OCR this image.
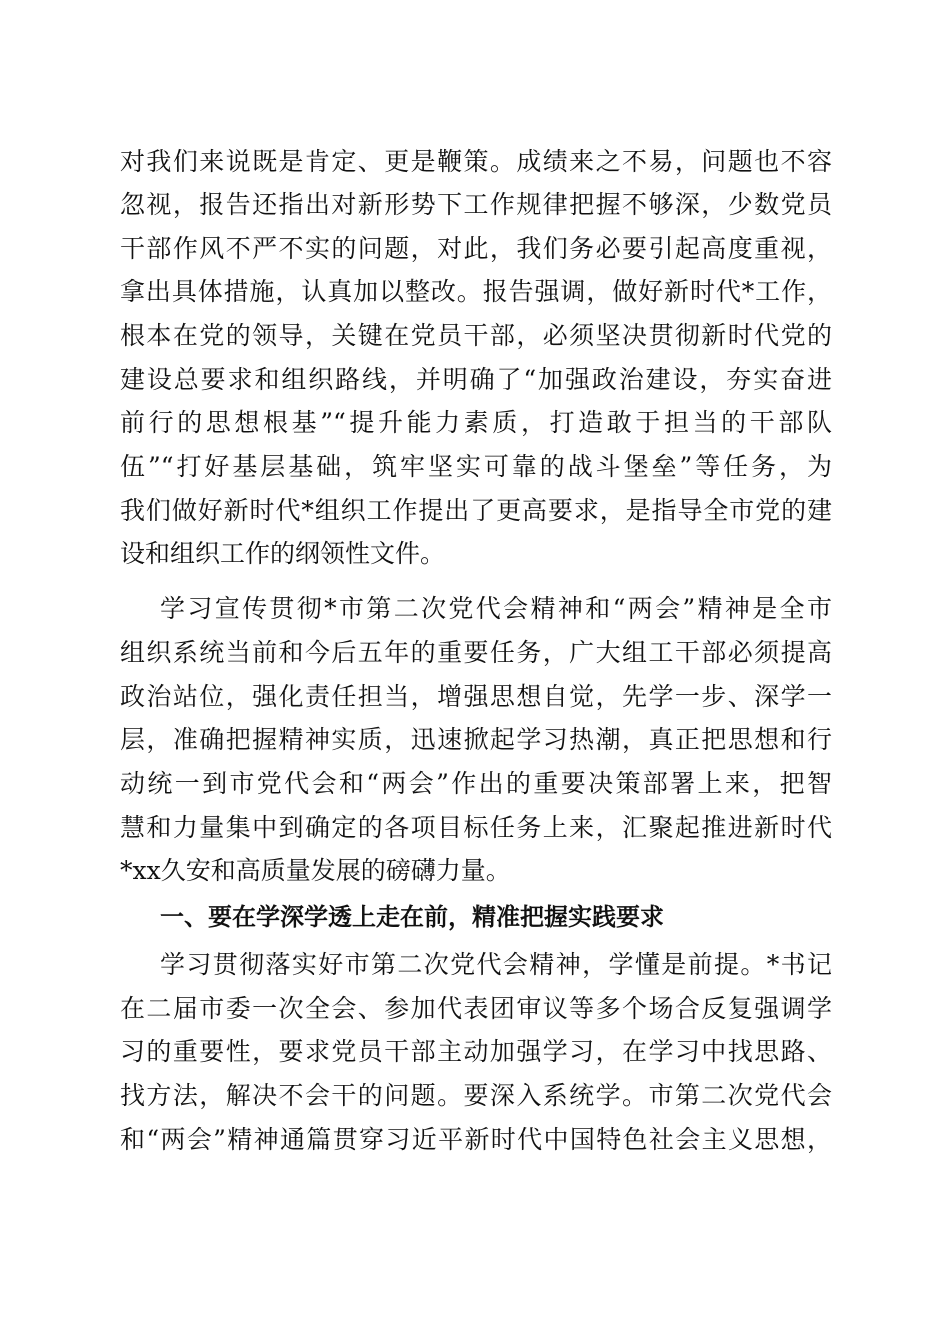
对我们来说既是肯定、更是鞭策。成绩来之不易，问题也不容
忽视，报告还指出对新形势下工作规律把握不够深，少数党员
干部作风不严不实的问题，对此，我们务必要引起高度重视，
拿出具体措施，认真加以整改。报告强调，做好新时代*工作，
根本在党的领导，关键在党员干部，必须坚决贯彻新时代党的
建设总要求和组织路线，并明确了“加强政治建设，夯实奋进
前行的思想根基”“提升能力素质，打造敢于担当的干部队
伍”“打好基层基础，筑牢坚实可靠的战斗堡垒”等任务，为
我们做好新时代*组织工作提出了更高要求，是指导全市党的建
设和组织工作的纲领性文件。
学习宣传贯彻*市第二次党代会精神和“两会”精神是全市
组织系统当前和今后五年的重要任务，广大组工干部必须提高
政治站位，强化责任担当，增强思想自觉，先学一步、深学一
层，准确把握精神实质，迅速掀起学习热潮，真正把思想和行
动统一到市党代会和“两会”作出的重要决策部署上来，把智
慧和力量集中到确定的各项目标任务上来，汇聚起推进新时代
*xx久安和高质量发展的磅礴力量。
一、要在学深学透上走在前，精准把握实践要求
学习贯彻落实好市第二次党代会精神，学懂是前提。*书记
在二届市委一次全会、参加代表团审议等多个场合反复强调学
习的重要性，要求党员干部主动加强学习，在学习中找思路、
找方法，解决不会干的问题。要深入系统学。市第二次党代会
和“两会”精神通篇贯穿习近平新时代中国特色社会主义思想，
